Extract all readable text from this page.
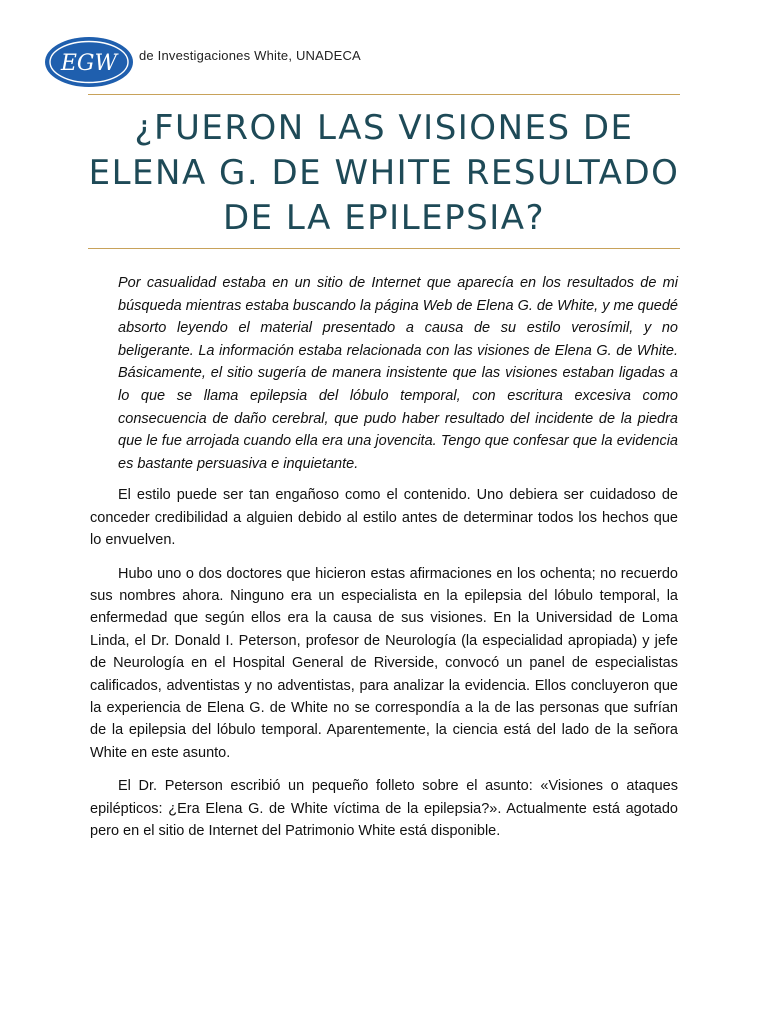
EGW de Investigaciones White, UNADECA
¿FUERON LAS VISIONES DE
ELENA G. DE WHITE RESULTADO
DE LA EPILEPSIA?

Por casualidad estaba en un sitio de Internet que aparecía en los resultados de mi búsqueda mientras estaba buscando la página Web de Elena G. de White, y me quedé absorto leyendo el material presentado a causa de su estilo verosímil, y no beligerante. La información estaba relacionada con las visiones de Elena G. de White. Básicamente, el sitio sugería de manera insistente que las visiones estaban ligadas a lo que se llama epilepsia del lóbulo temporal, con escritura excesiva como consecuencia de daño cerebral, que pudo haber resultado del incidente de la piedra que le fue arrojada cuando ella era una jovencita. Tengo que confesar que la evidencia es bastante persuasiva e inquietante.

El estilo puede ser tan engañoso como el contenido. Uno debiera ser cuidadoso de conceder credibilidad a alguien debido al estilo antes de determinar todos los hechos que lo envuelven.

Hubo uno o dos doctores que hicieron estas afirmaciones en los ochenta; no recuerdo sus nombres ahora. Ninguno era un especialista en la epilepsia del lóbulo temporal, la enfermedad que según ellos era la causa de sus visiones. En la Universidad de Loma Linda, el Dr. Donald I. Peterson, profesor de Neurología (la especialidad apropiada) y jefe de Neurología en el Hospital General de Riverside, convocó un panel de especialistas calificados, adventistas y no adventistas, para analizar la evidencia. Ellos concluyeron que la experiencia de Elena G. de White no se correspondía a la de las personas que sufrían de la epilepsia del lóbulo temporal. Aparentemente, la ciencia está del lado de la señora White en este asunto.

El Dr. Peterson escribió un pequeño folleto sobre el asunto: «Visiones o ataques epilépticos: ¿Era Elena G. de White víctima de la epilepsia?». Actualmente está agotado pero en el sitio de Internet del Patrimonio White está disponible.
